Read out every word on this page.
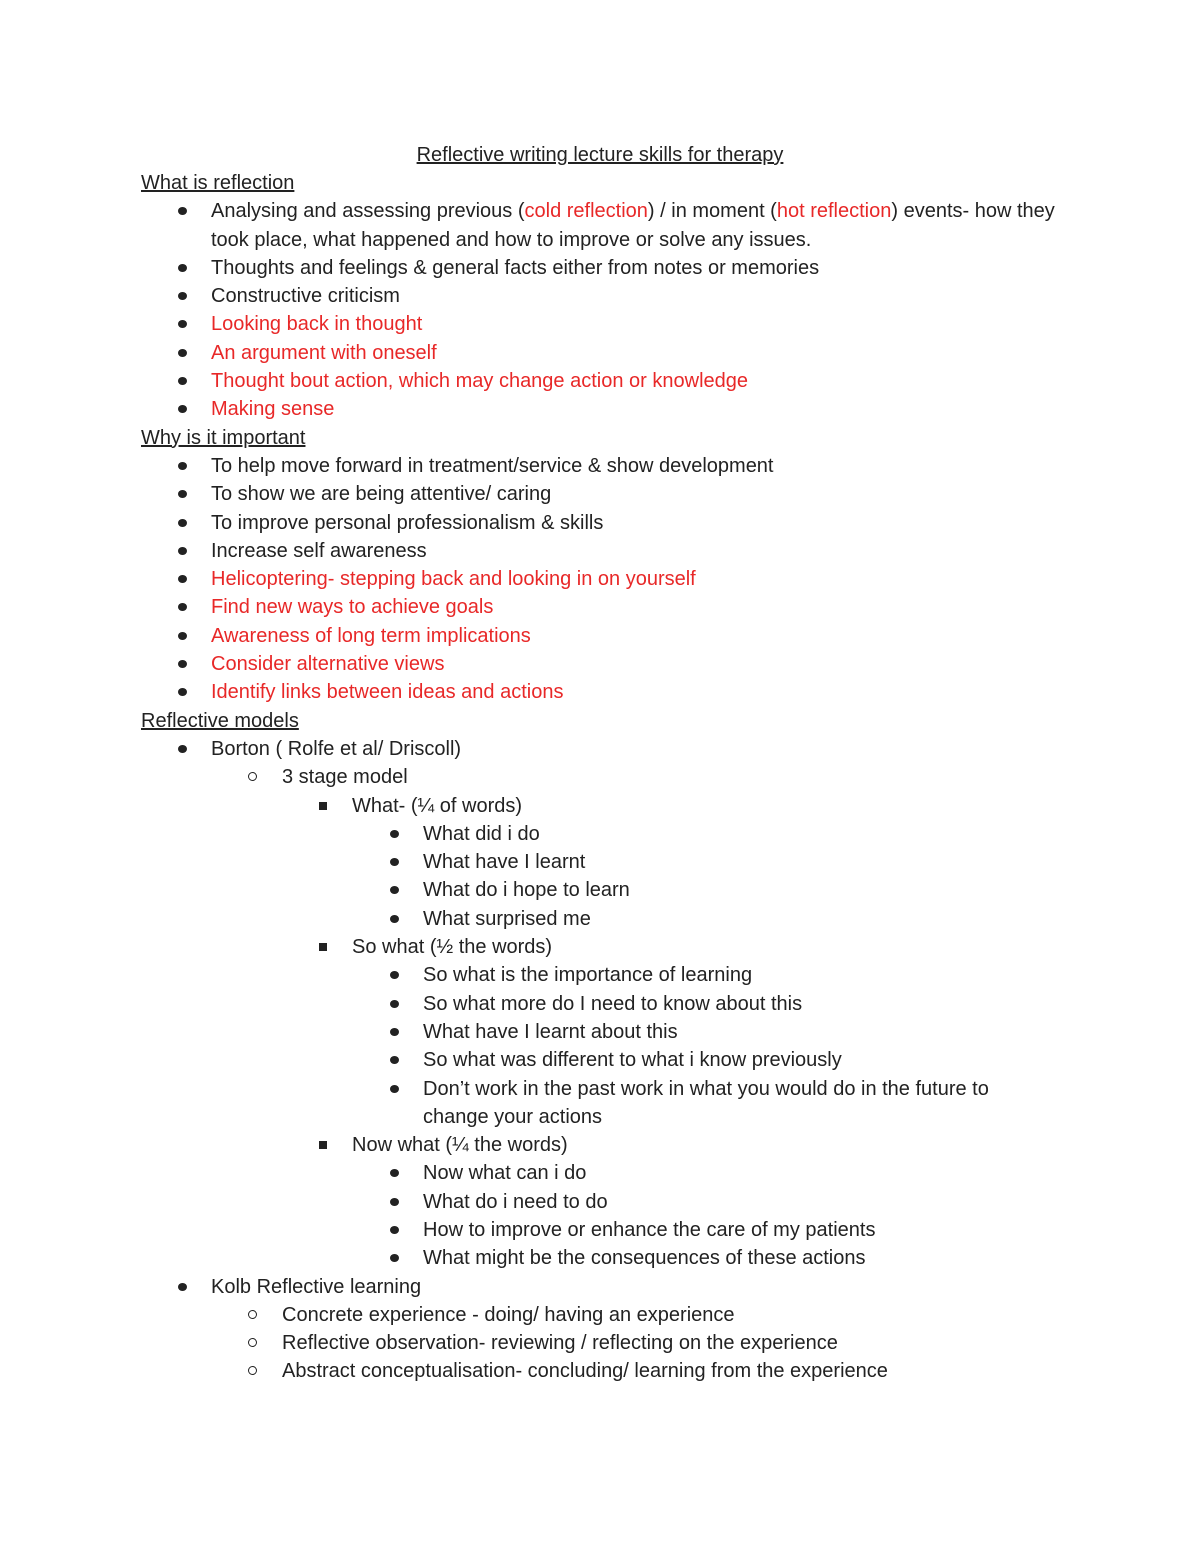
Reflective writing lecture skills for therapy
What is reflection
Analysing and assessing previous (cold reflection) / in moment (hot reflection) events- how they took place, what happened and how to improve or solve any issues.
Thoughts and feelings & general facts either from notes or memories
Constructive criticism
Looking back in thought
An argument with oneself
Thought bout action, which may change action or knowledge
Making sense
Why is it important
To help move forward in treatment/service & show development
To show we are being attentive/ caring
To improve personal professionalism & skills
Increase self awareness
Helicoptering- stepping back and looking in on yourself
Find new ways to achieve goals
Awareness of long term implications
Consider alternative views
Identify links between ideas and actions
Reflective models
Borton ( Rolfe et al/ Driscoll)
3 stage model
What- (¼ of words)
What did i do
What have I learnt
What do i hope to learn
What surprised me
So what (½ the words)
So what is the importance of learning
So what more do I need to know about this
What have I learnt about this
So what was different to what i know previously
Don’t work in the past work in what you would do in the future to change your actions
Now what (¼ the words)
Now what can i do
What do i need to do
How to improve or enhance the care of my patients
What might be the consequences of these actions
Kolb Reflective learning
Concrete experience - doing/ having an experience
Reflective observation- reviewing / reflecting on the experience
Abstract conceptualisation- concluding/ learning from the experience
